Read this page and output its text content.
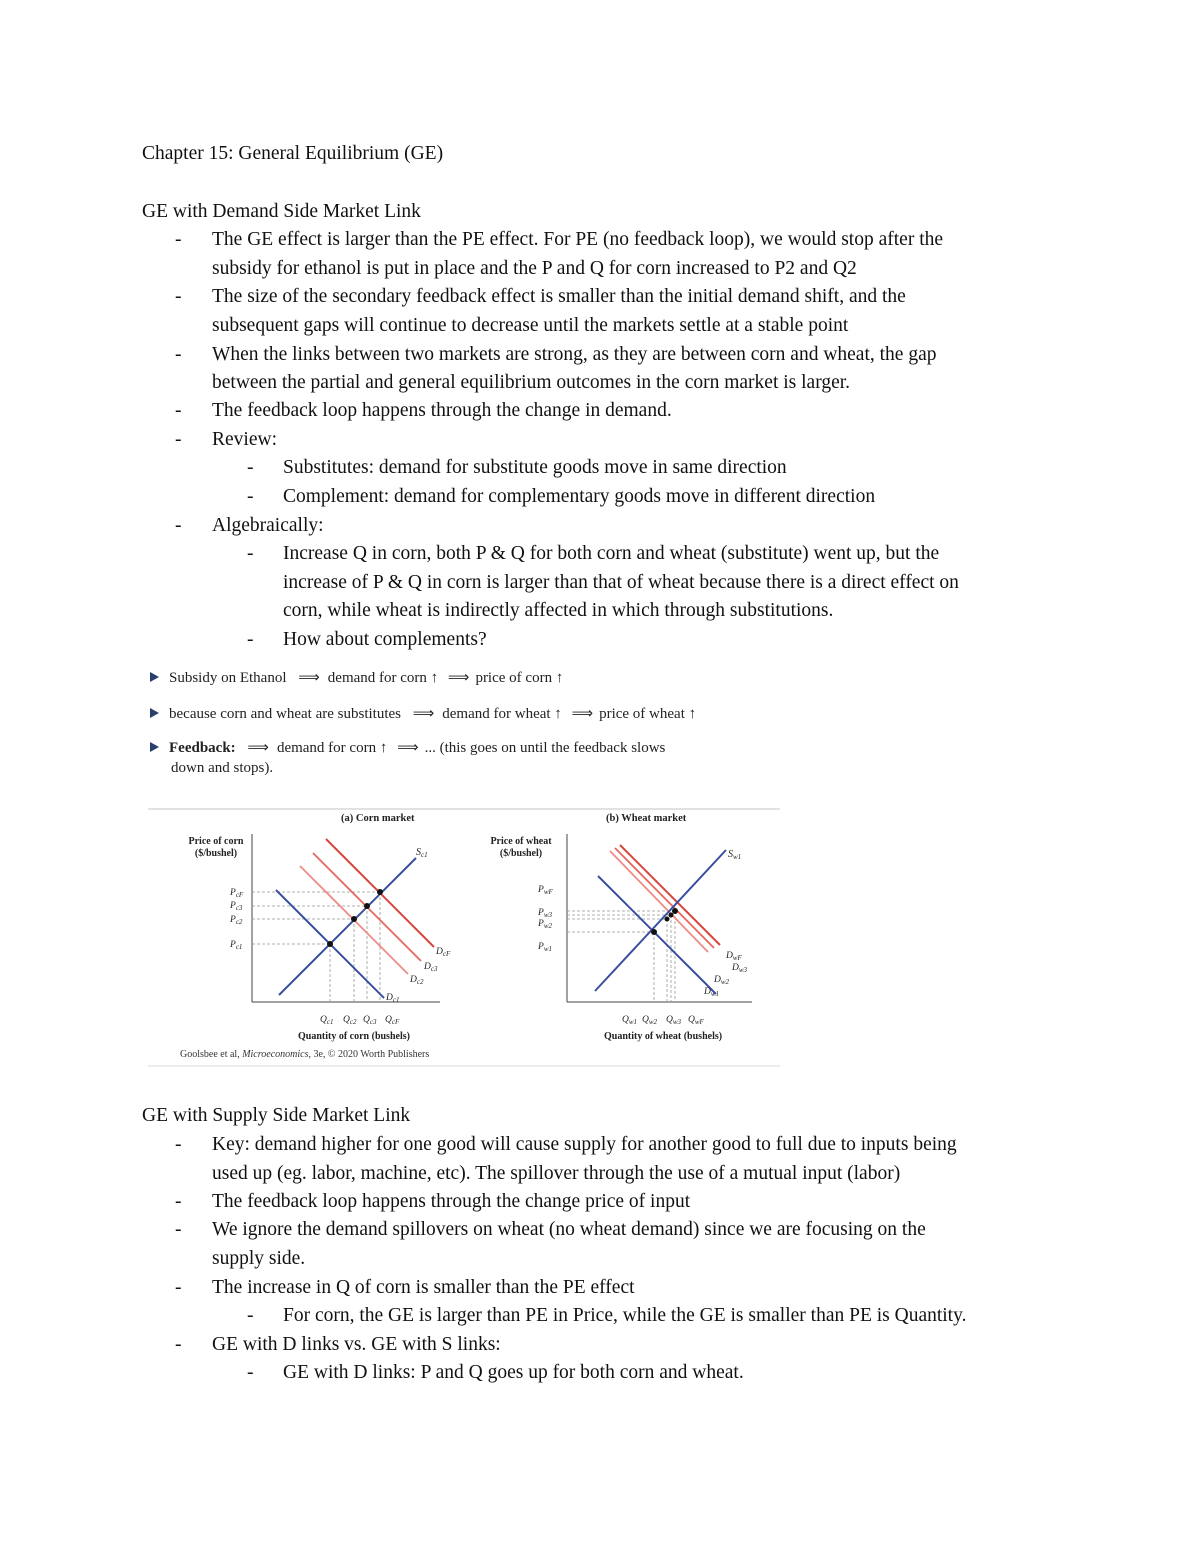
Chapter 15: General Equilibrium (GE)
GE with Demand Side Market Link
- The GE effect is larger than the PE effect. For PE (no feedback loop), we would stop after the
subsidy for ethanol is put in place and the P and Q for corn increased to P2 and Q2
- The size of the secondary feedback effect is smaller than the initial demand shift, and the
subsequent gaps will continue to decrease until the markets settle at a stable point
- When the links between two markets are strong, as they are between corn and wheat, the gap
between the partial and general equilibrium outcomes in the corn market is larger.
- The feedback loop happens through the change in demand.
- Review:
- Substitutes: demand for substitute goods move in same direction
- Complement: demand for complementary goods move in different direction
- Algebraically:
- Increase Q in corn, both P & Q for both corn and wheat (substitute) went up, but the
increase of P & Q in corn is larger than that of wheat because there is a direct effect on
corn, while wheat is indirectly affected in which through substitutions.
- How about complements?
Subsidy on Ethanol ⟹ demand for corn ↑ ⟹ price of corn ↑
because corn and wheat are substitutes ⟹ demand for wheat ↑ ⟹ price of wheat ↑
Feedback: ⟹ demand for corn ↑ ⟹ ... (this goes on until the feedback slows
down and stops).
(a) Corn market
Price of corn
($/bushel)	$S_{c1}$
$P_{cF}$
$P_{c3}$
$P_{c2}$
$P_{c1}$	$D_{cF}$
$D_{c3}$
$D_{c2}$
$D_{c1}$
$Q_{c1}$ $Q_{c2}$ $Q_{c3}$ $Q_{cF}$
Quantity of corn (bushels)
(b) Wheat market
Price of wheat
($/bushel)	$S_{w1}$
$P_{wF}$
$P_{w3}$
$P_{w2}$
$P_{w1}$
$D_{wF}$
$D_{w3}$
$D_{w2}$
$D_{w1}$
$Q_{w1}$ $Q_{w2}$ $Q_{w3}$ $Q_{wF}$
Quantity of wheat (bushels)
Goolsbee et al, Microeconomics, 3e, © 2020 Worth Publishers
GE with Supply Side Market Link
- Key: demand higher for one good will cause supply for another good to full due to inputs being
used up (eg. labor, machine, etc). The spillover through the use of a mutual input (labor)
- The feedback loop happens through the change price of input
- We ignore the demand spillovers on wheat (no wheat demand) since we are focusing on the
supply side.
- The increase in Q of corn is smaller than the PE effect
- For corn, the GE is larger than PE in Price, while the GE is smaller than PE is Quantity.
- GE with D links vs. GE with S links:
- GE with D links: P and Q goes up for both corn and wheat.
